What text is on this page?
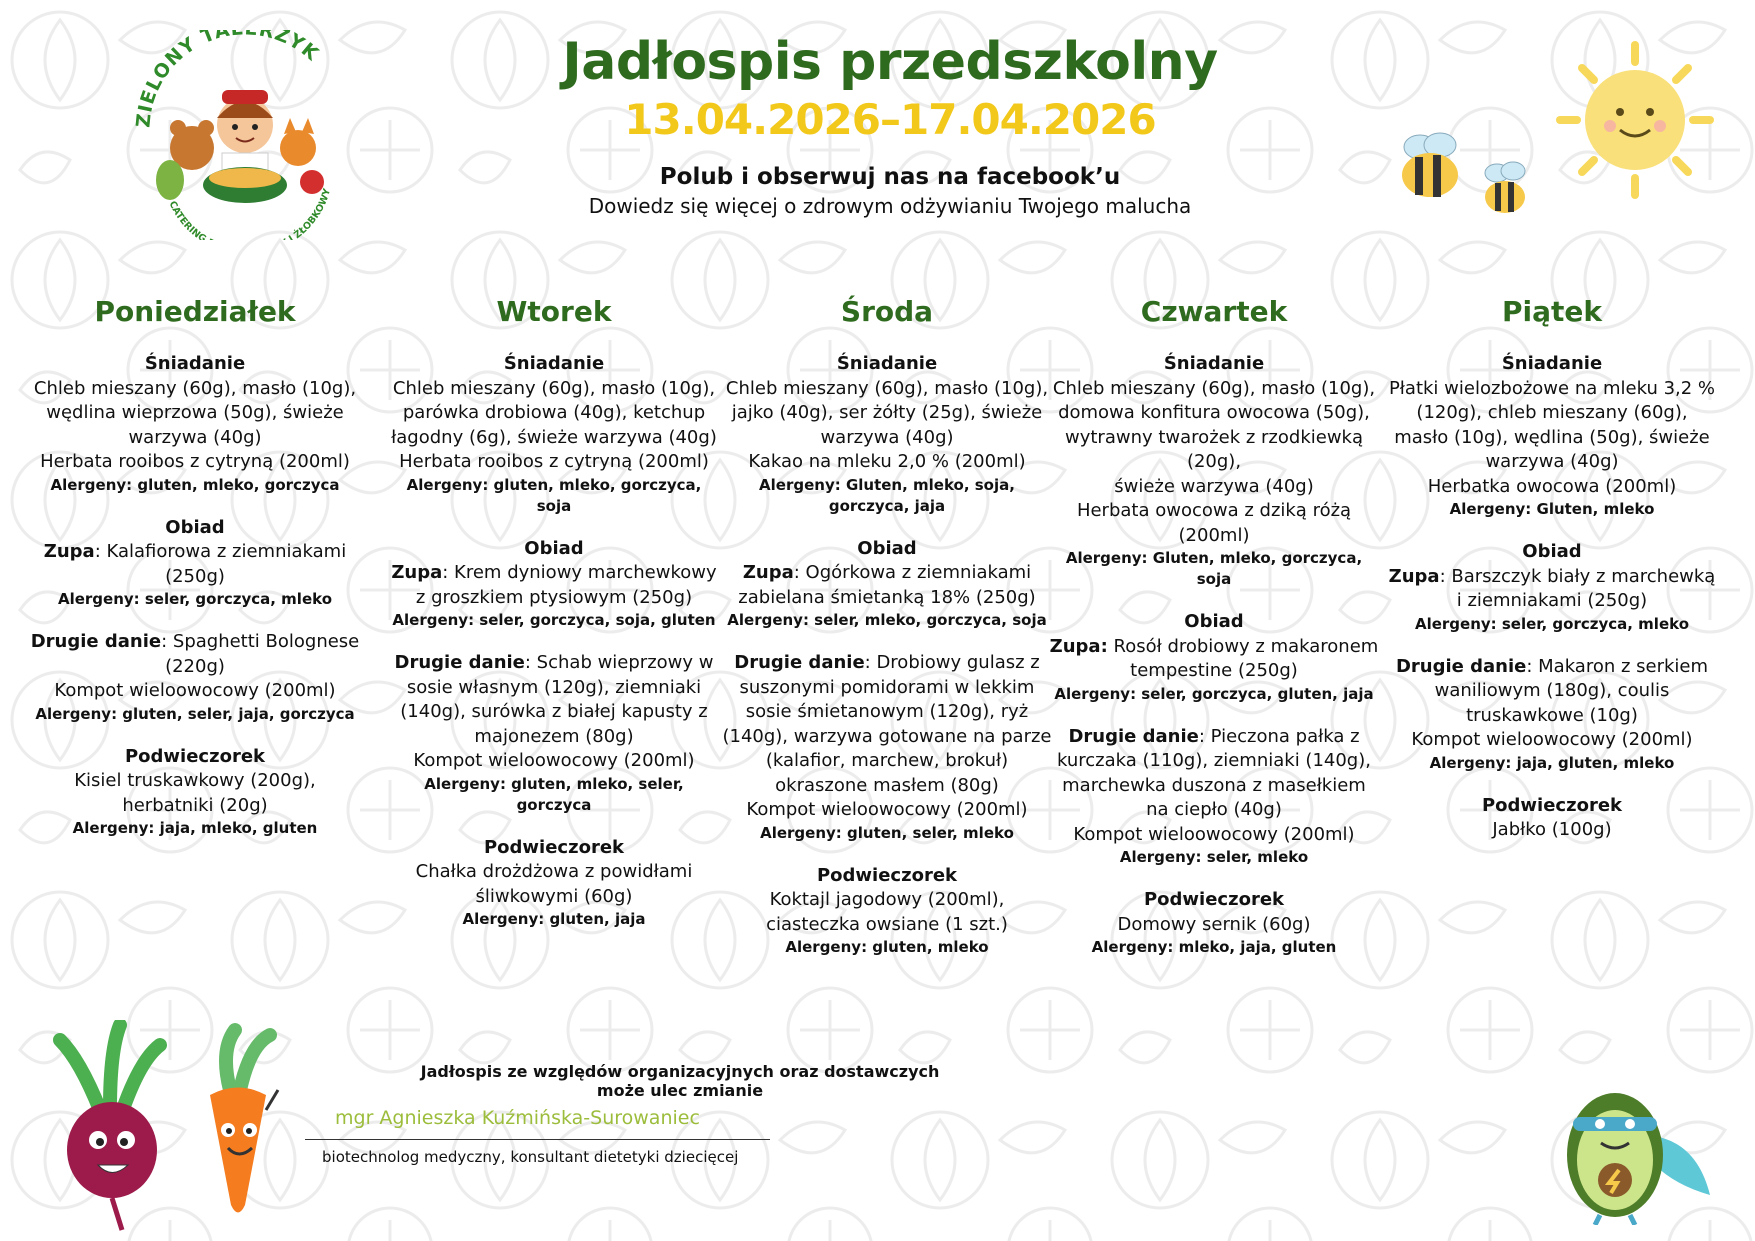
ZIELONY TA RZYK
CATERING I ŻŁOBKOWY
Jadłospis przedszkolny
13.04.2026–17.04.2026
Polub i obserwuj nas na facebook’u
Dowiedz się więcej o zdrowym odżywianiu Twojego malucha
Poniedziałek
Śniadanie
Chleb mieszany (60g), masło (10g), wędlina wieprzowa (50g), świeże warzywa (40g)
Herbata rooibos z cytryną (200ml)
Alergeny: gluten, mleko, gorczyca
Obiad
Zupa: Kalafiorowa z ziemniakami (250g)
Alergeny: seler, gorczyca, mleko
Drugie danie: Spaghetti Bolognese (220g)
Kompot wieloowocowy (200ml)
Alergeny: gluten, seler, jaja, gorczyca
Podwieczorek
Kisiel truskawkowy (200g), herbatniki (20g)
Alergeny: jaja, mleko, gluten
Wtorek
Śniadanie
Chleb mieszany (60g), masło (10g), parówka drobiowa (40g), ketchup łagodny (6g), świeże warzywa (40g)
Herbata rooibos z cytryną (200ml)
Alergeny: gluten, mleko, gorczyca, soja
Obiad
Zupa: Krem dyniowy marchewkowy z groszkiem ptysiowym (250g)
Alergeny: seler, gorczyca, soja, gluten
Drugie danie: Schab wieprzowy w sosie własnym (120g), ziemniaki (140g), surówka z białej kapusty z majonezem (80g)
Kompot wieloowocowy (200ml)
Alergeny: gluten, mleko, seler, gorczyca
Podwieczorek
Chałka drożdżowa z powidłami śliwkowymi (60g)
Alergeny: gluten, jaja
Środa
Śniadanie
Chleb mieszany (60g), masło (10g), jajko (40g), ser żółty (25g), świeże warzywa (40g)
Kakao na mleku 2,0 % (200ml)
Alergeny: Gluten, mleko, soja, gorczyca, jaja
Obiad
Zupa: Ogórkowa z ziemniakami zabielana śmietanką 18% (250g)
Alergeny: seler, mleko, gorczyca, soja
Drugie danie: Drobiowy gulasz z suszonymi pomidorami w lekkim sosie śmietanowym (120g), ryż (140g), warzywa gotowane na parze (kalafior, marchew, brokuł) okraszone masłem (80g)
Kompot wieloowocowy (200ml)
Alergeny: gluten, seler, mleko
Podwieczorek
Koktajl jagodowy (200ml), ciasteczka owsiane (1 szt.)
Alergeny: gluten, mleko
Czwartek
Śniadanie
Chleb mieszany (60g), masło (10g), domowa konfitura owocowa (50g), wytrawny twarożek z rzodkiewką (20g),
świeże warzywa (40g)
Herbata owocowa z dziką różą (200ml)
Alergeny: Gluten, mleko, gorczyca, soja
Obiad
Zupa: Rosół drobiowy z makaronem tempestine (250g)
Alergeny: seler, gorczyca, gluten, jaja
Drugie danie: Pieczona pałka z kurczaka (110g), ziemniaki (140g), marchewka duszona z masełkiem na ciepło (40g)
Kompot wieloowocowy (200ml)
Alergeny: seler, mleko
Podwieczorek
Domowy sernik (60g)
Alergeny: mleko, jaja, gluten
Piątek
Śniadanie
Płatki wielozbożowe na mleku 3,2 % (120g), chleb mieszany (60g), masło (10g), wędlina (50g), świeże warzywa (40g)
Herbatka owocowa (200ml)
Alergeny: Gluten, mleko
Obiad
Zupa: Barszczyk biały z marchewką i ziemniakami (250g)
Alergeny: seler, gorczyca, mleko
Drugie danie: Makaron z serkiem waniliowym (180g), coulis truskawkowe (10g)
Kompot wieloowocowy (200ml)
Alergeny: jaja, gluten, mleko
Podwieczorek
Jabłko (100g)
Jadłospis ze względów organizacyjnych oraz dostawczych może ulec zmianie
mgr Agnieszka Kuźmińska-Surowaniec
biotechnolog medyczny, konsultant dietetyki dziecięcej
